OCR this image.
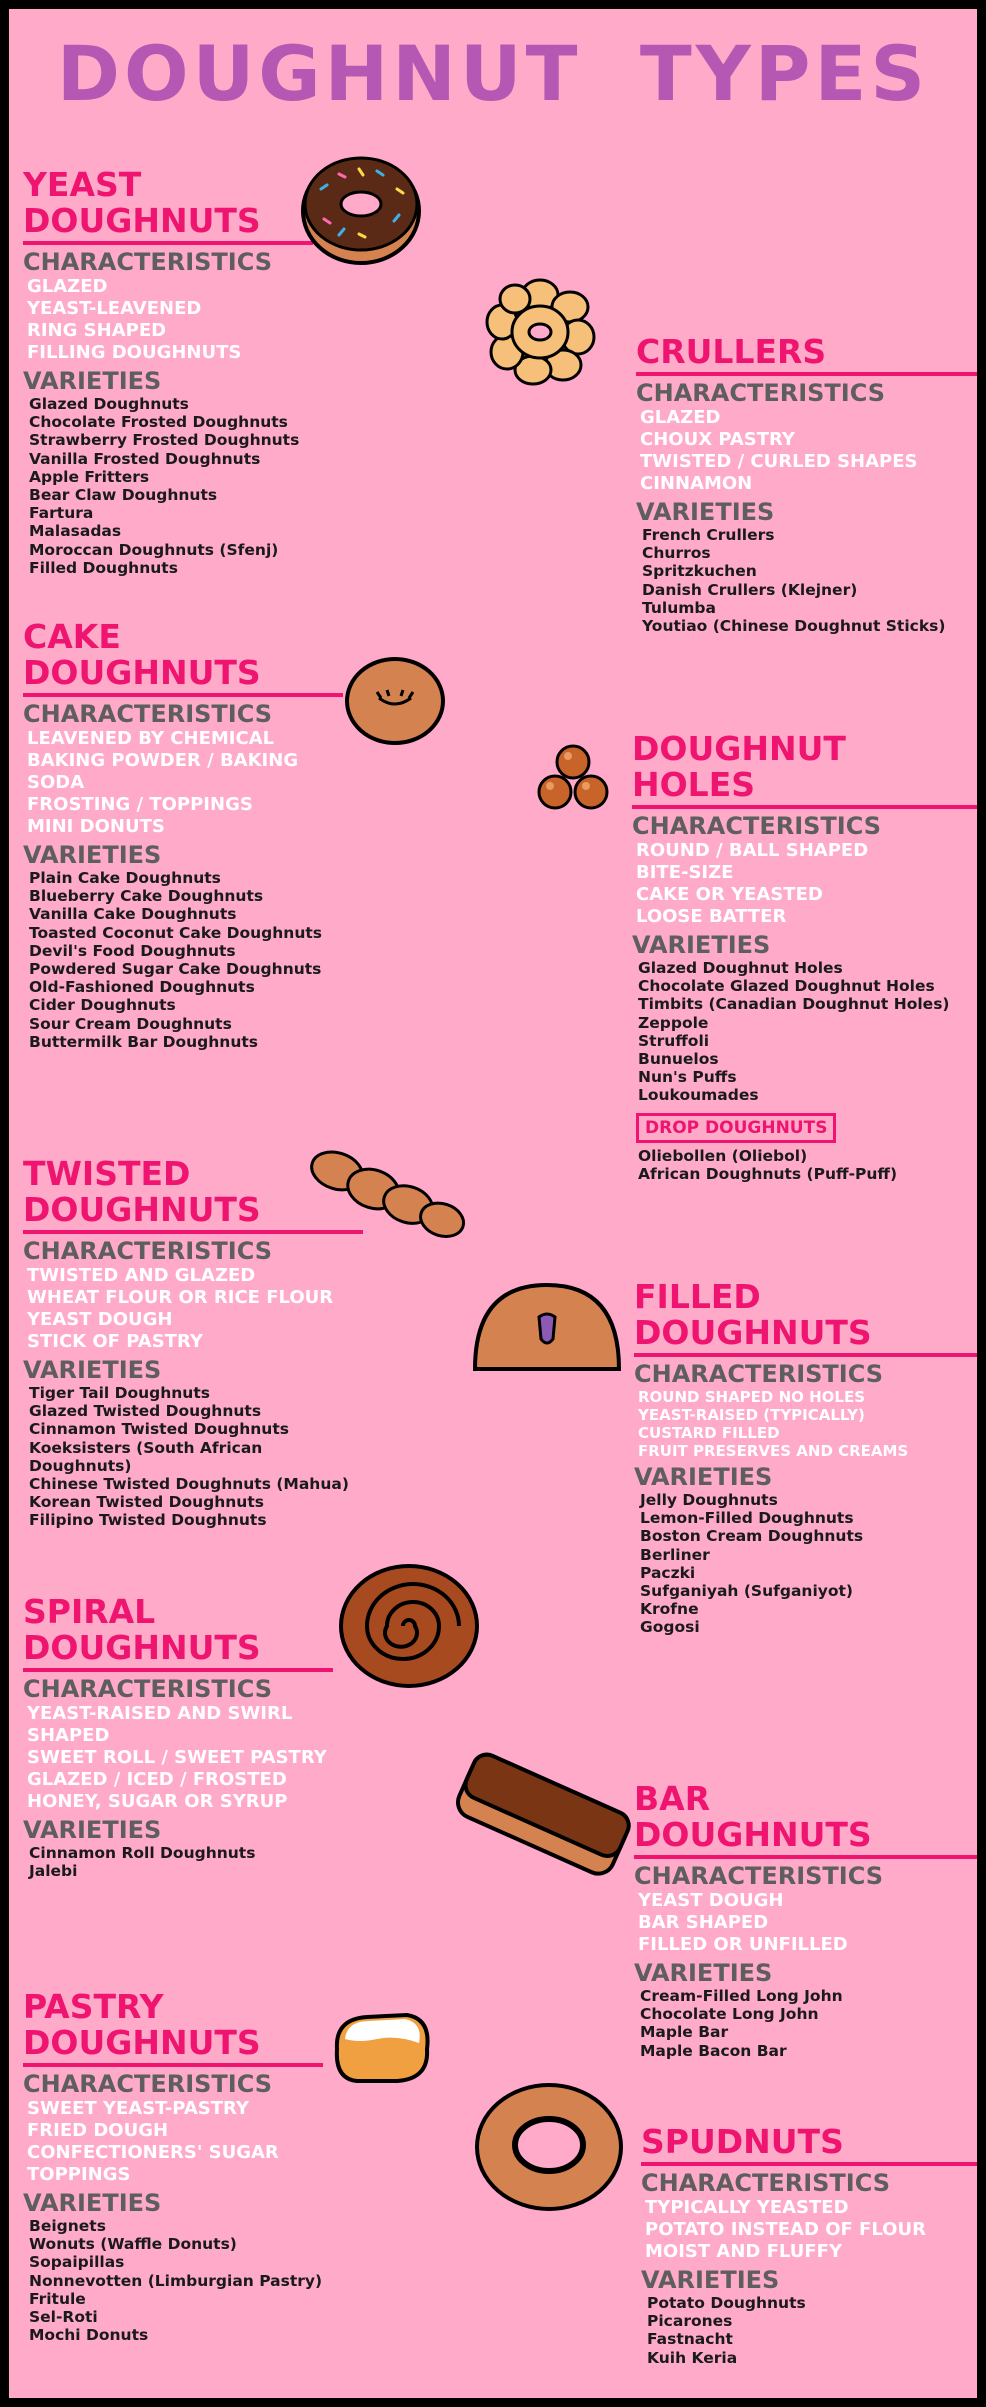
DOUGHNUT TYPES
YEAST
DOUGHNUTS
CHARACTERISTICS
GLAZED
YEAST-LEAVENED
RING SHAPED
FILLING DOUGHNUTS
VARIETIES
Glazed Doughnuts
Chocolate Frosted Doughnuts
Strawberry Frosted Doughnuts
Vanilla Frosted Doughnuts
Apple Fritters
Bear Claw Doughnuts
Fartura
Malasadas
Moroccan Doughnuts (Sfenj)
Filled Doughnuts
CRULLERS
CHARACTERISTICS
GLAZED
CHOUX PASTRY
TWISTED / CURLED SHAPES
CINNAMON
VARIETIES
French Crullers
Churros
Spritzkuchen
Danish Crullers (Klejner)
Tulumba
Youtiao (Chinese Doughnut Sticks)
CAKE
DOUGHNUTS
CHARACTERISTICS
LEAVENED BY CHEMICAL
BAKING POWDER / BAKING SODA
FROSTING / TOPPINGS
MINI DONUTS
VARIETIES
Plain Cake Doughnuts
Blueberry Cake Doughnuts
Vanilla Cake Doughnuts
Toasted Coconut Cake Doughnuts
Devil's Food Doughnuts
Powdered Sugar Cake Doughnuts
Old-Fashioned Doughnuts
Cider Doughnuts
Sour Cream Doughnuts
Buttermilk Bar Doughnuts
DOUGHNUT
HOLES
CHARACTERISTICS
ROUND / BALL SHAPED
BITE-SIZE
CAKE OR YEASTED
LOOSE BATTER
VARIETIES
Glazed Doughnut Holes
Chocolate Glazed Doughnut Holes
Timbits (Canadian Doughnut Holes)
Zeppole
Struffoli
Bunuelos
Nun's Puffs
Loukoumades
DROP DOUGHNUTS
Oliebollen (Oliebol)
African Doughnuts (Puff-Puff)
TWISTED
DOUGHNUTS
CHARACTERISTICS
TWISTED AND GLAZED
WHEAT FLOUR OR RICE FLOUR
YEAST DOUGH
STICK OF PASTRY
VARIETIES
Tiger Tail Doughnuts
Glazed Twisted Doughnuts
Cinnamon Twisted Doughnuts
Koeksisters (South African Doughnuts)
Chinese Twisted Doughnuts (Mahua)
Korean Twisted Doughnuts
Filipino Twisted Doughnuts
FILLED
DOUGHNUTS
CHARACTERISTICS
ROUND SHAPED NO HOLES
YEAST-RAISED (TYPICALLY)
CUSTARD FILLED
FRUIT PRESERVES AND CREAMS
VARIETIES
Jelly Doughnuts
Lemon-Filled Doughnuts
Boston Cream Doughnuts
Berliner
Paczki
Sufganiyah (Sufganiyot)
Krofne
Gogosi
SPIRAL
DOUGHNUTS
CHARACTERISTICS
YEAST-RAISED AND SWIRL SHAPED
SWEET ROLL / SWEET PASTRY
GLAZED / ICED / FROSTED
HONEY, SUGAR OR SYRUP
VARIETIES
Cinnamon Roll Doughnuts
Jalebi
BAR
DOUGHNUTS
CHARACTERISTICS
YEAST DOUGH
BAR SHAPED
FILLED OR UNFILLED
VARIETIES
Cream-Filled Long John
Chocolate Long John
Maple Bar
Maple Bacon Bar
PASTRY
DOUGHNUTS
CHARACTERISTICS
SWEET YEAST-PASTRY
FRIED DOUGH
CONFECTIONERS' SUGAR
TOPPINGS
VARIETIES
Beignets
Wonuts (Waffle Donuts)
Sopaipillas
Nonnevotten (Limburgian Pastry)
Fritule
Sel-Roti
Mochi Donuts
SPUDNUTS
CHARACTERISTICS
TYPICALLY YEASTED
POTATO INSTEAD OF FLOUR
MOIST AND FLUFFY
VARIETIES
Potato Doughnuts
Picarones
Fastnacht
Kuih Keria
